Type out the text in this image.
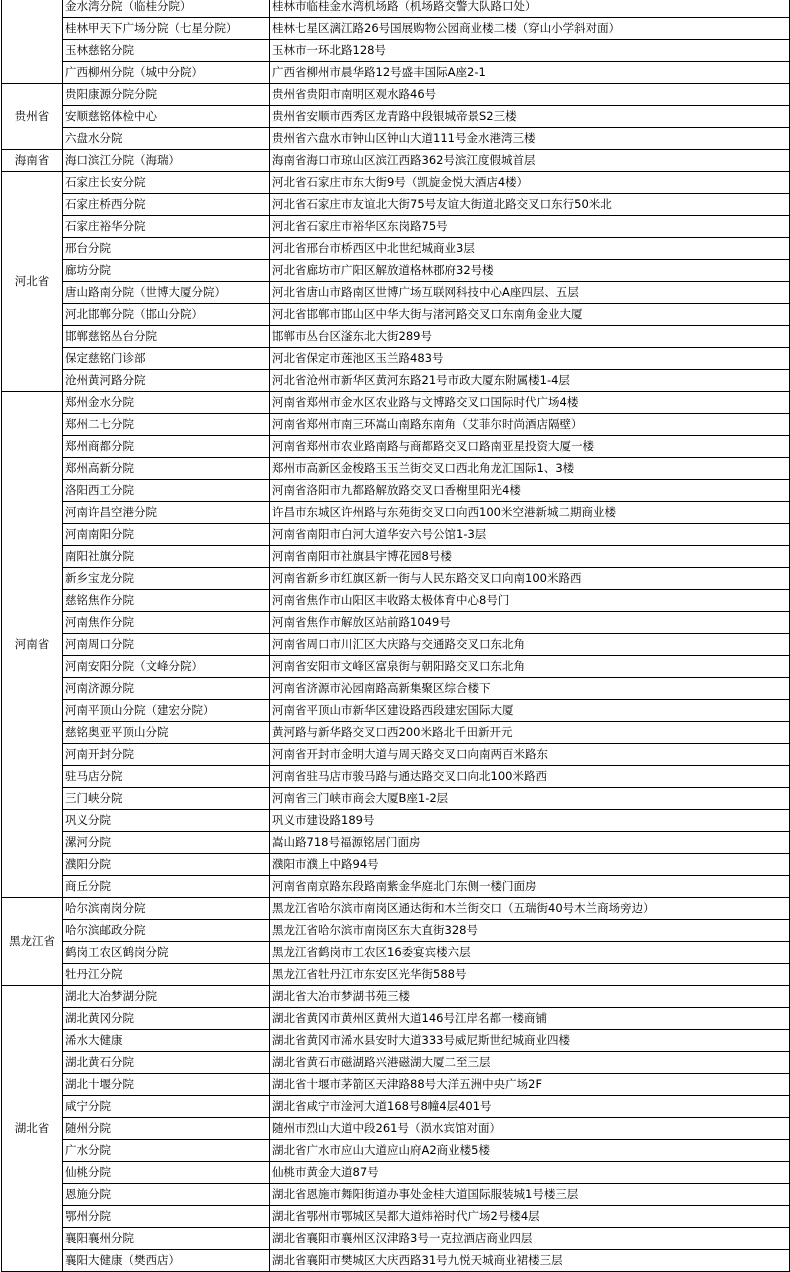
	金水湾分院（临桂分院）	桂林市临桂金水湾机场路（机场路交警大队路口处）
	桂林甲天下广场分院（七星分院）	桂林七星区漓江路26号国展购物公园商业楼二楼（穿山小学斜对面）
	玉林慈铭分院	玉林市一环北路128号
	广西柳州分院（城中分院）	广西省柳州市晨华路12号盛丰国际A座2-1
贵州省	贵阳康源分院分院	贵州省贵阳市南明区观水路46号
	安顺慈铭体检中心	贵州省安顺市西秀区龙青路中段银城帝景S2三楼
	六盘水分院	贵州省六盘水市钟山区钟山大道111号金水港湾三楼
海南省	海口滨江分院（海瑞）	海南省海口市琼山区滨江西路362号滨江度假城首层
河北省	石家庄长安分院	河北省石家庄市东大街9号（凯旋金悦大酒店4楼）
	石家庄桥西分院	河北省石家庄市友谊北大街75号友谊大街道北路交叉口东行50米北
	石家庄裕华分院	河北省石家庄市裕华区东岗路75号
	邢台分院	河北省邢台市桥西区中北世纪城商业3层
	廊坊分院	河北省廊坊市广阳区解放道格林郡府32号楼
	唐山路南分院（世博大厦分院）	河北省唐山市路南区世博广场互联网科技中心A座四层、五层
	河北邯郸分院（邯山分院）	河北省邯郸市邯山区中华大街与渚河路交叉口东南角金业大厦
	邯郸慈铭丛台分院	邯郸市丛台区滏东北大街289号
	保定慈铭门诊部	河北省保定市莲池区玉兰路483号
	沧州黄河路分院	河北省沧州市新华区黄河东路21号市政大厦东附属楼1-4层
河南省	郑州金水分院	河南省郑州市金水区农业路与文博路交叉口国际时代广场4楼
	郑州二七分院	河南省郑州市南三环嵩山南路东南角（艾菲尔时尚酒店隔壁）
	郑州商都分院	河南省郑州市农业路南路与商都路交叉口路南亚星投资大厦一楼
	郑州高新分院	郑州市高新区金梭路玉玉兰街交叉口西北角龙汇国际1、3楼
	洛阳西工分院	河南省洛阳市九都路解放路交叉口香榭里阳光4楼
	河南许昌空港分院	许昌市东城区许州路与东苑街交叉口向西100米空港新城二期商业楼
	河南南阳分院	河南省南阳市白河大道华安六号公馆1-3层
	南阳社旗分院	河南省南阳市社旗县宇博花园8号楼
	新乡宝龙分院	河南省新乡市红旗区新一街与人民东路交叉口向南100米路西
	慈铭焦作分院	河南省焦作市山阳区丰收路太极体育中心8号门
	河南焦作分院	河南省焦作市解放区站前路1049号
	河南周口分院	河南省周口市川汇区大庆路与交通路交叉口东北角
	河南安阳分院（文峰分院）	河南省安阳市文峰区富泉街与朝阳路交叉口东北角
	河南济源分院	河南省济源市沁园南路高新集聚区综合楼下
	河南平顶山分院（建宏分院）	河南省平顶山市新华区建设路西段建宏国际大厦
	慈铭奥亚平顶山分院	黄河路与新华路交叉口西200米路北千田新开元
	河南开封分院	河南省开封市金明大道与周天路交叉口向南两百米路东
	驻马店分院	河南省驻马店市骏马路与通达路交叉口向北100米路西
	三门峡分院	河南省三门峡市商会大厦B座1-2层
	巩义分院	巩义市建设路189号
	漯河分院	嵩山路718号福源铭居门面房
	濮阳分院	濮阳市濮上中路94号
	商丘分院	河南省南京路东段路南紫金华庭北门东侧一楼门面房
黑龙江省	哈尔滨南岗分院	黑龙江省哈尔滨市南岗区通达街和木兰街交口（五瑞街40号木兰商场旁边）
	哈尔滨邮政分院	黑龙江省哈尔滨市南岗区东大直街328号
	鹤岗工农区鹤岗分院	黑龙江省鹤岗市工农区16委宴宾楼六层
	牡丹江分院	黑龙江省牡丹江市东安区光华街588号
湖北省	湖北大冶梦湖分院	湖北省大冶市梦湖书苑三楼
	湖北黄冈分院	湖北省黄冈市黄州区黄州大道146号江岸名都一楼商铺
	浠水大健康	湖北省黄冈市浠水县安时大道333号威尼斯世纪城商业四楼
	湖北黄石分院	湖北省黄石市磁湖路兴港磁湖大厦二至三层
	湖北十堰分院	湖北省十堰市茅箭区天津路88号大洋五洲中央广场2F
	咸宁分院	湖北省咸宁市淦河大道168号8幢4层401号
	随州分院	随州市烈山大道中段261号（涢水宾馆对面）
	广水分院	湖北省广水市应山大道应山府A2商业楼5楼
	仙桃分院	仙桃市黄金大道87号
	恩施分院	湖北省恩施市舞阳街道办事处金桂大道国际服装城1号楼三层
	鄂州分院	湖北省鄂州市鄂城区吴都大道炜裕时代广场2号楼4层
	襄阳襄州分院	湖北省襄阳市襄州区汉津路3号一克拉酒店商业四层
	襄阳大健康（樊西店）	湖北省襄阳市樊城区大庆西路31号九悦天城商业裙楼三层
